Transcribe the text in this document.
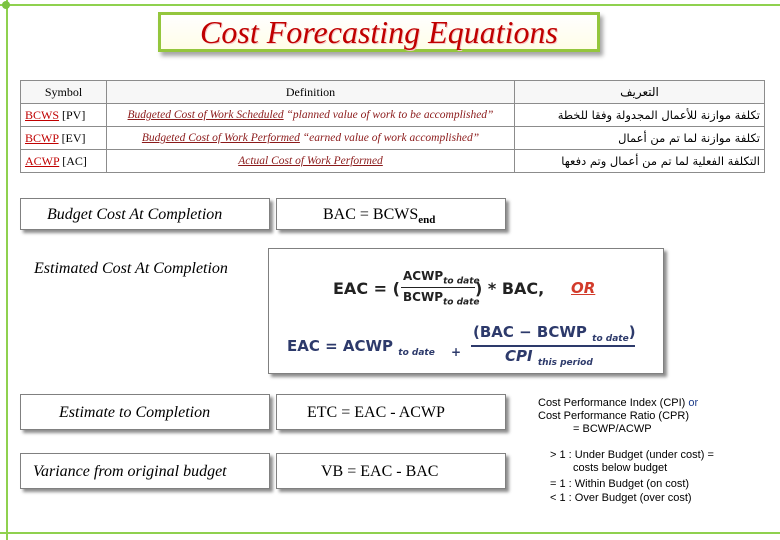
Cost Forecasting Equations
Symbol	Definition	التعريف
BCWS [PV]	Budgeted Cost of Work Scheduled “planned value of work to be accomplished”	تكلفة موازنة للأعمال المجدولة وفقا للخطة
BCWP [EV]	Budgeted Cost of Work Performed “earned value of work accomplished”	تكلفة موازنة لما تم من أعمال
ACWP [AC]	Actual Cost of Work Performed	التكلفة الفعلية لما تم من أعمال وتم دفعها
Budget Cost At Completion	BAC = $BCWS_{end}$
Estimated Cost At Completion
EAC = (
$ACWP_{to date}$
$BCWP_{to date}$
) * BAC, OR
EAC = ACWP $_{to date}$ +
(BAC − BCWP $_{to date}$)
CPI $_{this period}$
Estimate to Completion	ETC = EAC - ACWP
Variance from original budget	VB = EAC - BAC
Cost Performance Index (CPI) or
Cost Performance Ratio (CPR)
= BCWP/ACWP
> 1 : Under Budget (under cost) =
costs below budget
= 1 : Within Budget (on cost)
< 1 : Over Budget (over cost)
